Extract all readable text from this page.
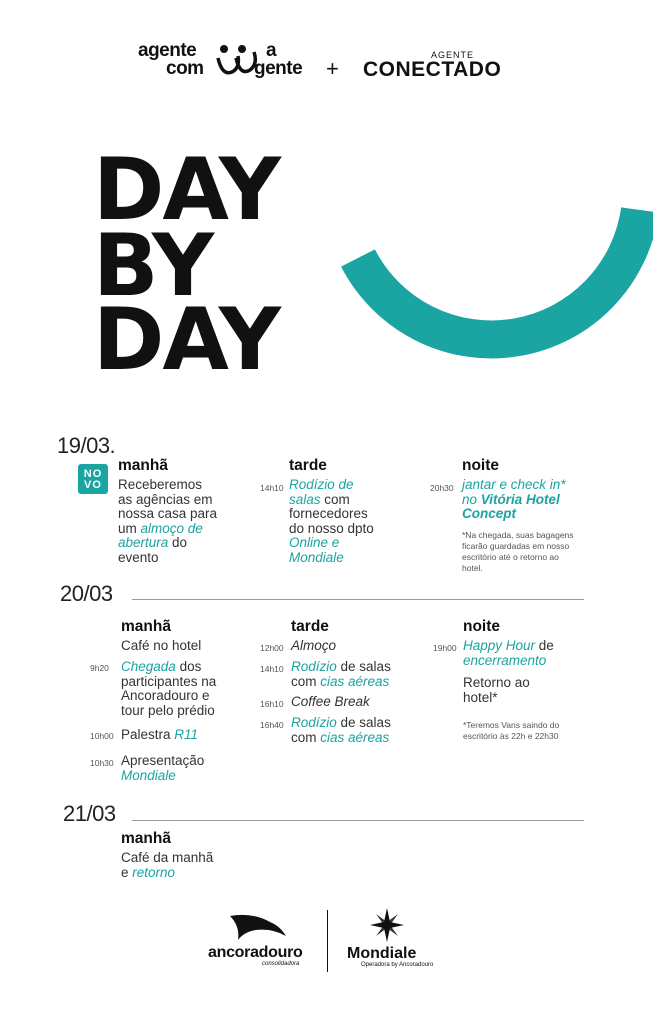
agente	a
com	gente +
AGENTE
CONECTADO
DAY
BY
DAY
19/03.
NO
VO
manhã
Receberemos
as agências em
nossa casa para
um almoço de
abertura do
evento
tarde
14h10 Rodízio de
salas com
fornecedores
do nosso dpto
Online e
Mondiale
noite
20h30 jantar e check in*
no Vitória Hotel
Concept
*Na chegada, suas bagagens
ficarão guardadas em nosso
escritório até o retorno ao
hotel.
20/03
manhã
Café no hotel
9h20 Chegada dos
participantes na
Ancoradouro e
tour pelo prédio
10h00 Palestra R11
10h30 Apresentação
Mondiale
tarde
12h00 Almoço
14h10 Rodízio de salas
com cias aéreas
16h10 Coffee Break
16h40 Rodízio de salas
com cias aéreas
noite
19h00 Happy Hour de
encerramento
Retorno ao
hotel*
*Teremos Vans saindo do
escritório às 22h e 22h30
21/03
manhã
Café da manhã
e retorno
ancoradouro
consolidadora
Mondiale
Operadora by Ancoradouro
